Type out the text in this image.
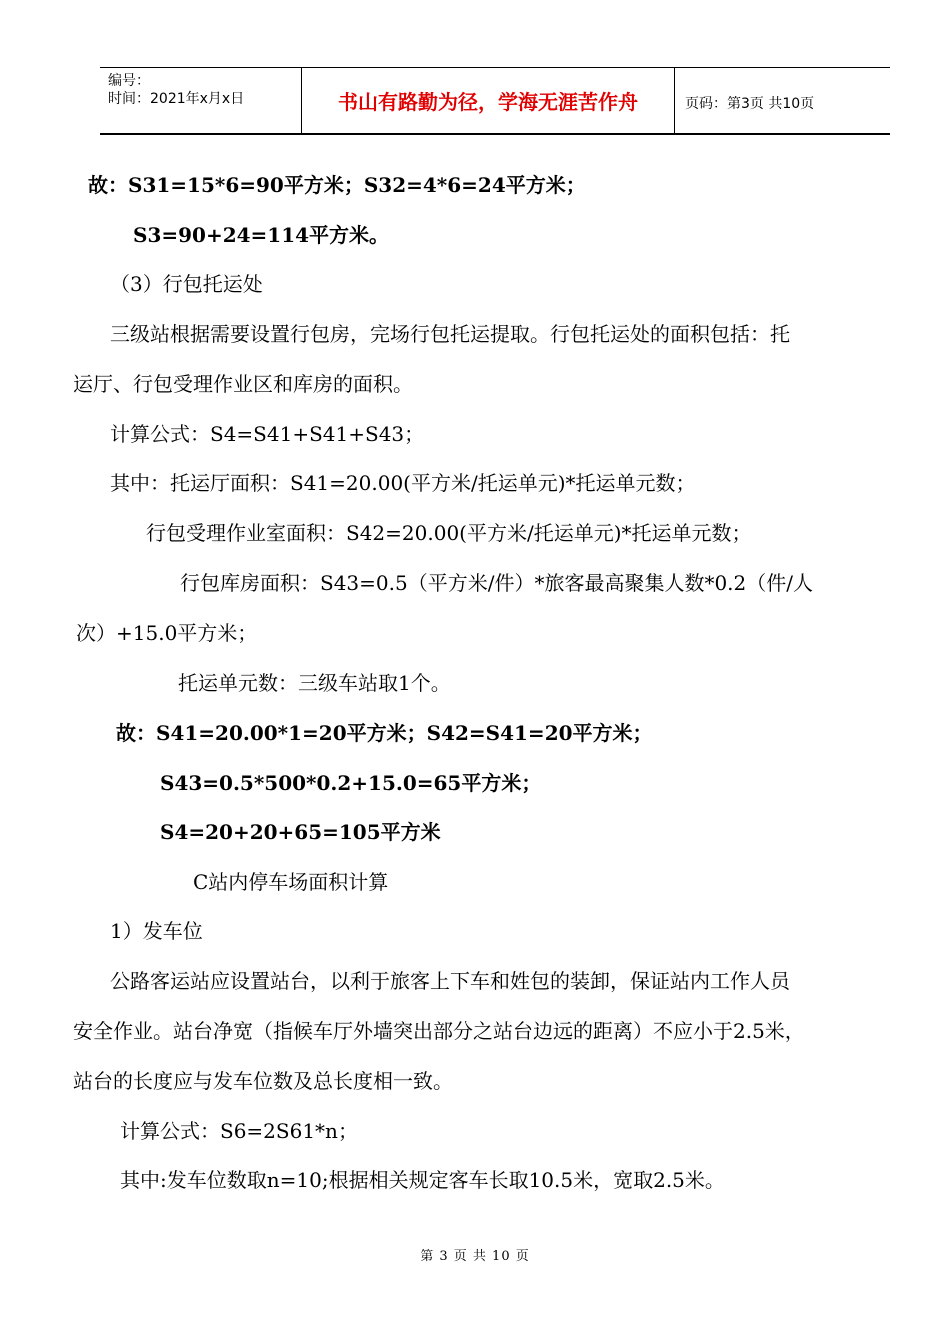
编号：
时间：2021年x月x日	书山有路勤为径，学海无涯苦作舟	页码：第3页 共10页
故：S31=15*6=90平方米；S32=4*6=24平方米；
S3=90+24=114平方米。
（3）行包托运处
三级站根据需要设置行包房，完场行包托运提取。行包托运处的面积包括：托
运厅、行包受理作业区和库房的面积。
计算公式：S4=S41+S41+S43；
其中：托运厅面积：S41=20.00(平方米/托运单元)*托运单元数；
行包受理作业室面积：S42=20.00(平方米/托运单元)*托运单元数；
行包库房面积：S43=0.5（平方米/件）*旅客最高聚集人数*0.2（件/人
次）+15.0平方米；
托运单元数：三级车站取1个。
故：S41=20.00*1=20平方米；S42=S41=20平方米；
S43=0.5*500*0.2+15.0=65平方米；
S4=20+20+65=105平方米
C站内停车场面积计算
1）发车位
公路客运站应设置站台，以利于旅客上下车和姓包的装卸，保证站内工作人员
安全作业。站台净宽（指候车厅外墙突出部分之站台边远的距离）不应小于2.5米，
站台的长度应与发车位数及总长度相一致。
计算公式：S6=2S61*n；
其中:发车位数取n=10;根据相关规定客车长取10.5米，宽取2.5米。
第 3 页 共 10 页
